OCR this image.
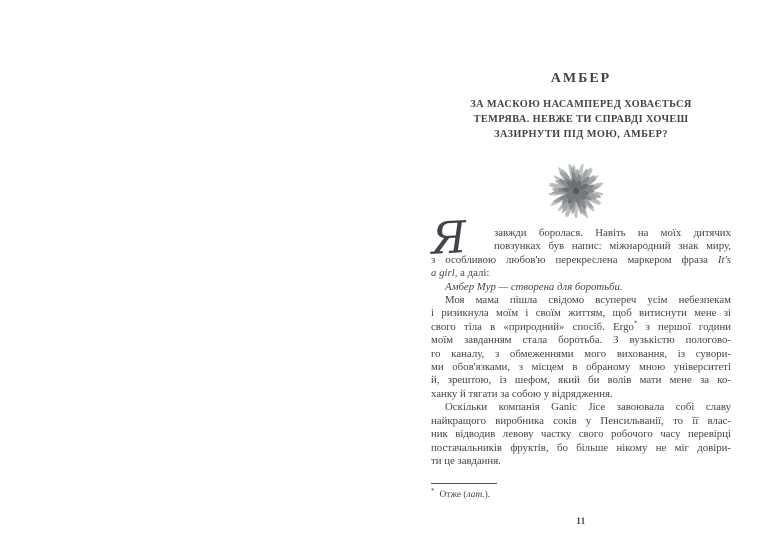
АМБЕР
ЗА МАСКОЮ НАСАМПЕРЕД ХОВАЄТЬСЯ
ТЕМРЯВА. НЕВЖЕ ТИ СПРАВДІ ХОЧЕШ
ЗАЗИРНУТИ ПІД МОЮ, АМБЕР?
Я	завжди боролася. Навіть на моїх дитячих
повзунках був напис: міжнародний знак миру,
з особливою любов'ю перекреслена маркером фраза It's
a girl, а далі:
Амбер Мур — створена для боротьби.
Моя мама пішла свідомо всупереч усім небезпекам
і ризикнула моїм і своїм життям, щоб витиснути мене зі
свого тіла в «природний» спосіб. Ergo* з першої години
моїм завданням стала боротьба. З вузькістю пологово-
го каналу, з обмеженнями мого виховання, із сувори-
ми обов'язками, з місцем в обраному мною університеті
й, зрештою, із шефом, який би волів мати мене за ко-
ханку й тягати за собою у відрядження.
Оскільки компанія Ganic Jice завоювала собі славу
найкращого виробника соків у Пенсильванії, то її влас-
ник відводив левову частку свого робочого часу перевірці
постачальників фруктів, бо більше нікому не міг довіри-
ти це завдання.
* Отже (лат.).
11
